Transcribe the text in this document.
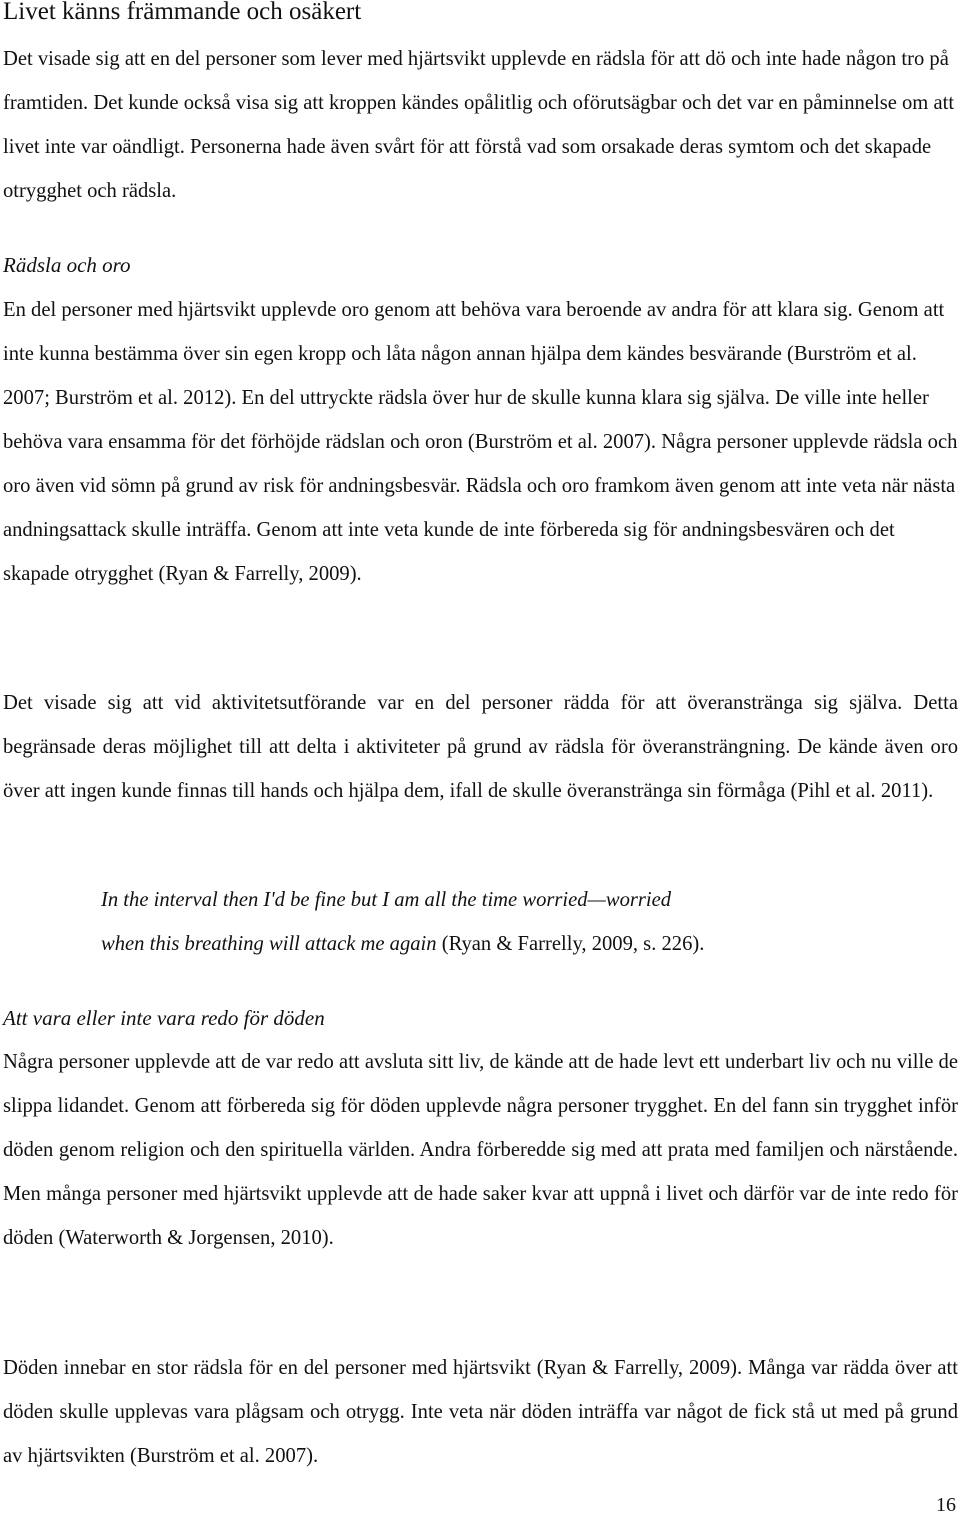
Livet känns främmande och osäkert

Det visade sig att en del personer som lever med hjärtsvikt upplevde en rädsla för att dö och inte hade någon tro på framtiden. Det kunde också visa sig att kroppen kändes opålitlig och oförutsägbar och det var en påminnelse om att livet inte var oändligt. Personerna hade även svårt för att förstå vad som orsakade deras symtom och det skapade otrygghet och rädsla.

Rädsla och oro

En del personer med hjärtsvikt upplevde oro genom att behöva vara beroende av andra för att klara sig. Genom att inte kunna bestämma över sin egen kropp och låta någon annan hjälpa dem kändes besvärande (Burström et al. 2007; Burström et al. 2012). En del uttryckte rädsla över hur de skulle kunna klara sig själva. De ville inte heller behöva vara ensamma för det förhöjde rädslan och oron (Burström et al. 2007). Några personer upplevde rädsla och oro även vid sömn på grund av risk för andningsbesvär. Rädsla och oro framkom även genom att inte veta när nästa andningsattack skulle inträffa. Genom att inte veta kunde de inte förbereda sig för andningsbesvären och det skapade otrygghet (Ryan & Farrelly, 2009).

Det visade sig att vid aktivitetsutförande var en del personer rädda för att överanstränga sig själva. Detta begränsade deras möjlighet till att delta i aktiviteter på grund av rädsla för överansträngning. De kände även oro över att ingen kunde finnas till hands och hjälpa dem, ifall de skulle överanstränga sin förmåga (Pihl et al. 2011).

In the interval then I'd be fine but I am all the time worried—worried
when this breathing will attack me again (Ryan & Farrelly, 2009, s. 226).
Att vara eller inte vara redo för döden

Några personer upplevde att de var redo att avsluta sitt liv, de kände att de hade levt ett underbart liv och nu ville de slippa lidandet. Genom att förbereda sig för döden upplevde några personer trygghet. En del fann sin trygghet inför döden genom religion och den spirituella världen. Andra förberedde sig med att prata med familjen och närstående. Men många personer med hjärtsvikt upplevde att de hade saker kvar att uppnå i livet och därför var de inte redo för döden (Waterworth & Jorgensen, 2010).

Döden innebar en stor rädsla för en del personer med hjärtsvikt (Ryan & Farrelly, 2009). Många var rädda över att döden skulle upplevas vara plågsam och otrygg. Inte veta när döden inträffa var något de fick stå ut med på grund av hjärtsvikten (Burström et al. 2007).

16
